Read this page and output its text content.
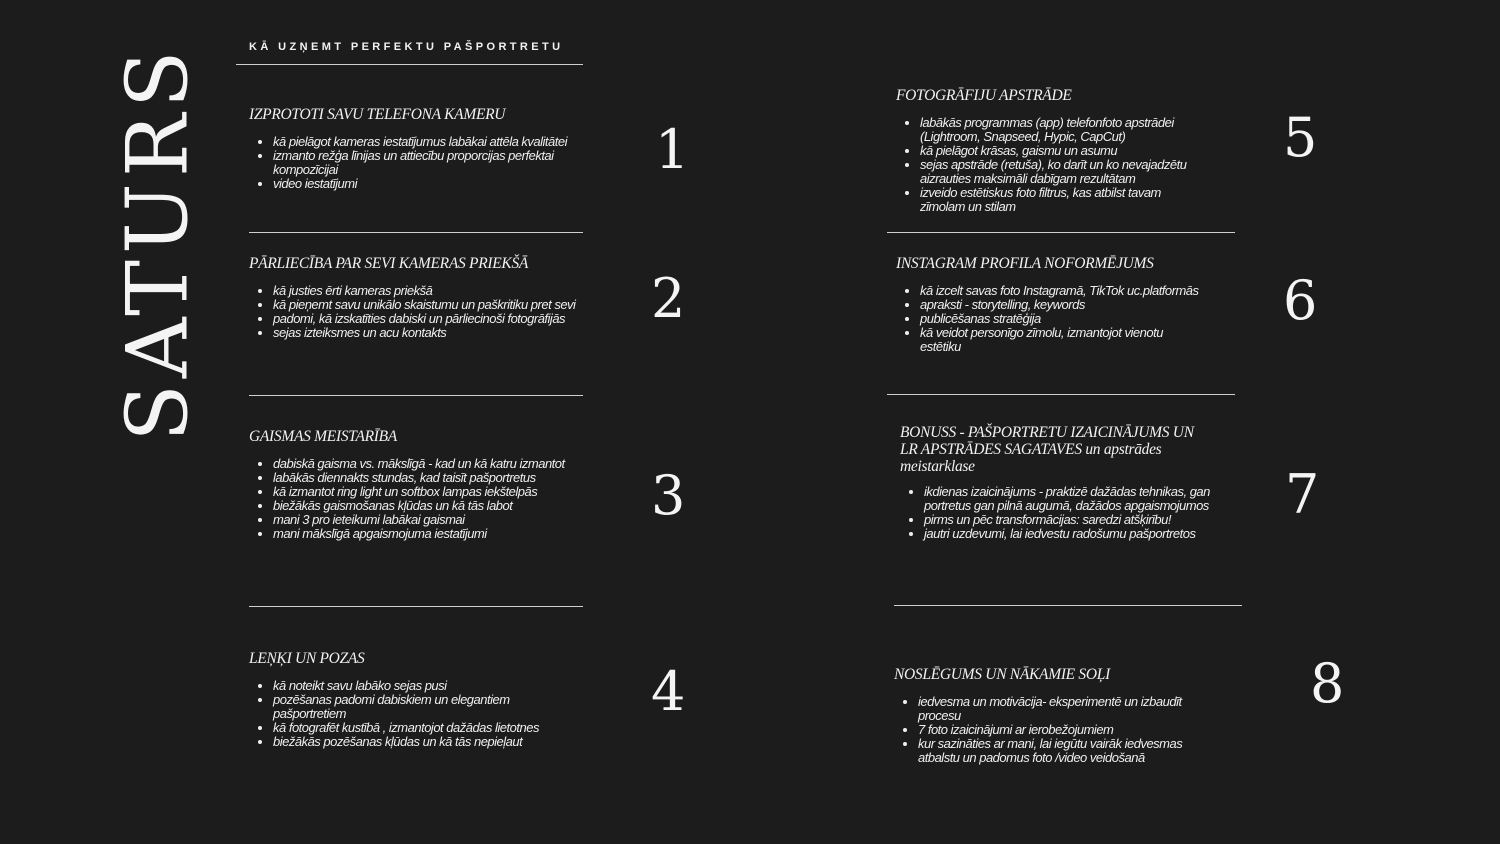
SATURS	KĀ UZŅEMT PERFEKTU PAŠPORTRETU
IZPROTOTI SAVU TELEFONA KAMERU
• kā pielāgot kameras iestatījumus labākai attēla kvalitātei
• izmanto režģa līnijas un attiecību proporcijas perfektai kompozīcijai
• video iestatījumi
1
PĀRLIECĪBA PAR SEVI KAMERAS PRIEKŠĀ
• kā justies ērti kameras priekšā
• kā pieņemt savu unikālo skaistumu un paškritiku pret sevi
• padomi, kā izskatīties dabiski un pārliecinoši fotogrāfijās
• sejas izteiksmes un acu kontakts
2
GAISMAS MEISTARĪBA
• dabiskā gaisma vs. mākslīgā - kad un kā katru izmantot
• labākās diennakts stundas, kad taisīt pašportretus
• kā izmantot ring light un softbox lampas iekštelpās
• biežākās gaismošanas kļūdas un kā tās labot
• mani 3 pro ieteikumi labākai gaismai
• mani mākslīgā apgaismojuma iestatījumi
3
LEŅĶI UN POZAS
• kā noteikt savu labāko sejas pusi
• pozēšanas padomi dabiskiem un elegantiem pašportretiem
• kā fotografēt kustībā , izmantojot dažādas lietotnes
• biežākās pozēšanas kļūdas un kā tās nepieļaut
4
FOTOGRĀFIJU APSTRĀDE
• labākās programmas (app) telefonfoto apstrādei (Lightroom, Snapseed, Hypic, CapCut)
• kā pielāgot krāsas, gaismu un asumu
• sejas apstrāde (retuša), ko darīt un ko nevajadzētu aizrauties maksimāli dabīgam rezultātam
• izveido estētiskus foto filtrus, kas atbilst tavam zīmolam un stilam
5
INSTAGRAM PROFILA NOFORMĒJUMS
• kā izcelt savas foto Instagramā, TikTok uc.platformās
• apraksti - storytelling, keywords
• publicēšanas stratēģija
• kā veidot personīgo zīmolu, izmantojot vienotu estētiku
6
BONUSS - PAŠPORTRETU IZAICINĀJUMS UN LR APSTRĀDES SAGATAVES un apstrādes meistarklase
• ikdienas izaicinājums - praktizē dažādas tehnikas, gan portretus gan pilnā augumā, dažādos apgaismojumos
• pirms un pēc transformācijas: saredzi atšķirību!
• jautri uzdevumi, lai iedvestu radošumu pašportretos
7
NOSLĒGUMS UN NĀKAMIE SOĻI
• iedvesma un motivācija- eksperimentē un izbaudīt procesu
• 7 foto izaicinājumi ar ierobežojumiem
• kur sazināties ar mani, lai iegūtu vairāk iedvesmas atbalstu un padomus foto /video veidošanā
8
